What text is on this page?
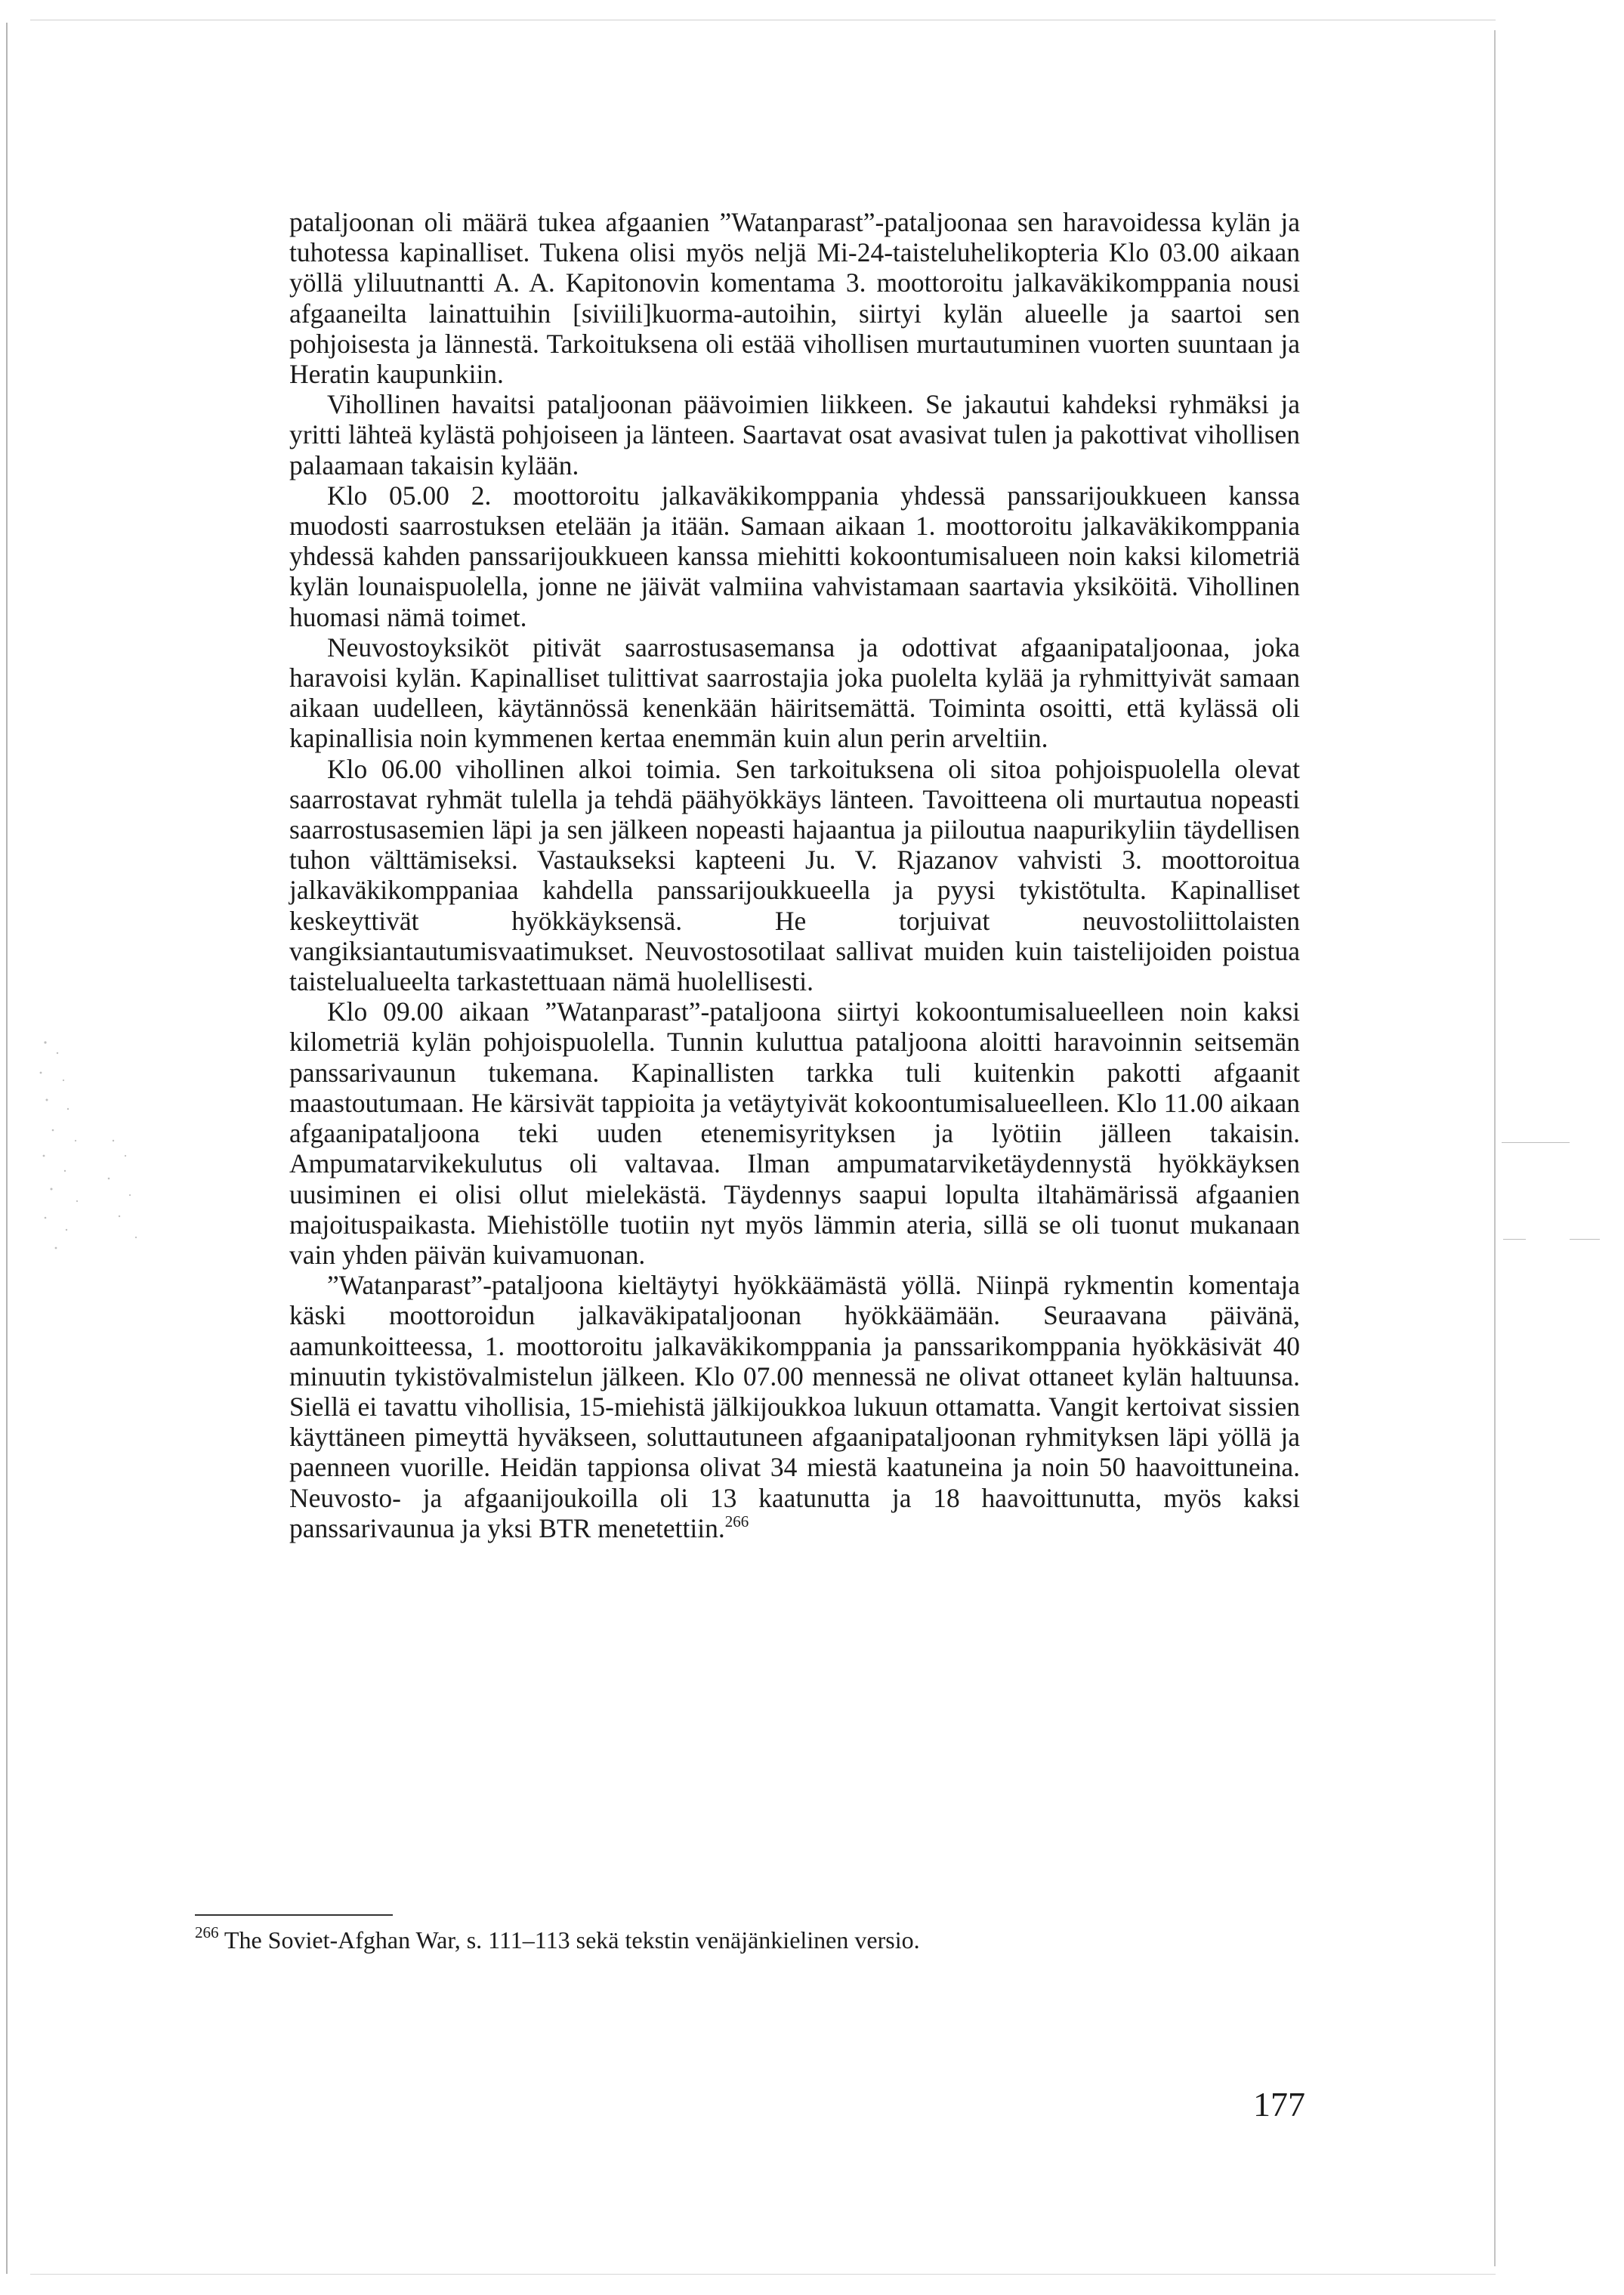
pataljoonan oli määrä tukea afgaanien ”Watanparast”-pataljoonaa sen haravoidessa kylän ja tuhotessa kapinalliset. Tukena olisi myös neljä Mi-24-taisteluhelikopteria Klo 03.00 aikaan yöllä yliluutnantti A. A. Kapitonovin komentama 3. moottoroitu jalkaväkikomppania nousi afgaaneilta lainattuihin [siviili]kuorma-autoihin, siirtyi kylän alueelle ja saartoi sen pohjoisesta ja lännestä. Tarkoituksena oli estää vihollisen murtautuminen vuorten suuntaan ja Heratin kaupunkiin.

Vihollinen havaitsi pataljoonan päävoimien liikkeen. Se jakautui kahdeksi ryhmäksi ja yritti lähteä kylästä pohjoiseen ja länteen. Saartavat osat avasivat tulen ja pakottivat vihollisen palaamaan takaisin kylään.

Klo 05.00 2. moottoroitu jalkaväkikomppania yhdessä panssarijoukkueen kanssa muodosti saarrostuksen etelään ja itään. Samaan aikaan 1. moottoroitu jalkaväkikomppania yhdessä kahden panssarijoukkueen kanssa miehitti kokoontumisalueen noin kaksi kilometriä kylän lounaispuolella, jonne ne jäivät valmiina vahvistamaan saartavia yksiköitä. Vihollinen huomasi nämä toimet.

Neuvostoyksiköt pitivät saarrostusasemansa ja odottivat afgaanipataljoonaa, joka haravoisi kylän. Kapinalliset tulittivat saarrostajia joka puolelta kylää ja ryhmittyivät samaan aikaan uudelleen, käytännössä kenenkään häiritsemättä. Toiminta osoitti, että kylässä oli kapinallisia noin kymmenen kertaa enemmän kuin alun perin arveltiin.

Klo 06.00 vihollinen alkoi toimia. Sen tarkoituksena oli sitoa pohjoispuolella olevat saarrostavat ryhmät tulella ja tehdä päähyökkäys länteen. Tavoitteena oli murtautua nopeasti saarrostusasemien läpi ja sen jälkeen nopeasti hajaantua ja piiloutua naapurikyliin täydellisen tuhon välttämiseksi. Vastaukseksi kapteeni Ju. V. Rjazanov vahvisti 3. moottoroitua jalkaväkikomppaniaa kahdella panssarijoukkueella ja pyysi tykistötulta. Kapinalliset keskeyttivät hyökkäyksensä. He torjuivat neuvostoliittolaisten vangiksiantautumisvaatimukset. Neuvostosotilaat sallivat muiden kuin taistelijoiden poistua taistelualueelta tarkastettuaan nämä huolellisesti.

Klo 09.00 aikaan ”Watanparast”-pataljoona siirtyi kokoontumisalueelleen noin kaksi kilometriä kylän pohjoispuolella. Tunnin kuluttua pataljoona aloitti haravoinnin seitsemän panssarivaunun tukemana. Kapinallisten tarkka tuli kuitenkin pakotti afgaanit maastoutumaan. He kärsivät tappioita ja vetäytyivät kokoontumisalueelleen. Klo 11.00 aikaan afgaanipataljoona teki uuden etenemisyrityksen ja lyötiin jälleen takaisin. Ampumatarvikekulutus oli valtavaa. Ilman ampumatarviketäydennystä hyökkäyksen uusiminen ei olisi ollut mielekästä. Täydennys saapui lopulta iltahämärissä afgaanien majoituspaikasta. Miehistölle tuotiin nyt myös lämmin ateria, sillä se oli tuonut mukanaan vain yhden päivän kuivamuonan.

”Watanparast”-pataljoona kieltäytyi hyökkäämästä yöllä. Niinpä rykmentin komentaja käski moottoroidun jalkaväkipataljoonan hyökkäämään. Seuraavana päivänä, aamunkoitteessa, 1. moottoroitu jalkaväkikomppania ja panssarikomppania hyökkäsivät 40 minuutin tykistövalmistelun jälkeen. Klo 07.00 mennessä ne olivat ottaneet kylän haltuunsa. Siellä ei tavattu vihollisia, 15-miehistä jälkijoukkoa lukuun ottamatta. Vangit kertoivat sissien käyttäneen pimeyttä hyväkseen, soluttautuneen afgaanipataljoonan ryhmityksen läpi yöllä ja paenneen vuorille. Heidän tappionsa olivat 34 miestä kaatuneina ja noin 50 haavoittuneina. Neuvosto- ja afgaanijoukoilla oli 13 kaatunutta ja 18 haavoittunutta, myös kaksi panssarivaunua ja yksi BTR menetettiin.$^{266}$

$^{266}$ The Soviet-Afghan War, s. 111–113 sekä tekstin venäjänkielinen versio.
177
